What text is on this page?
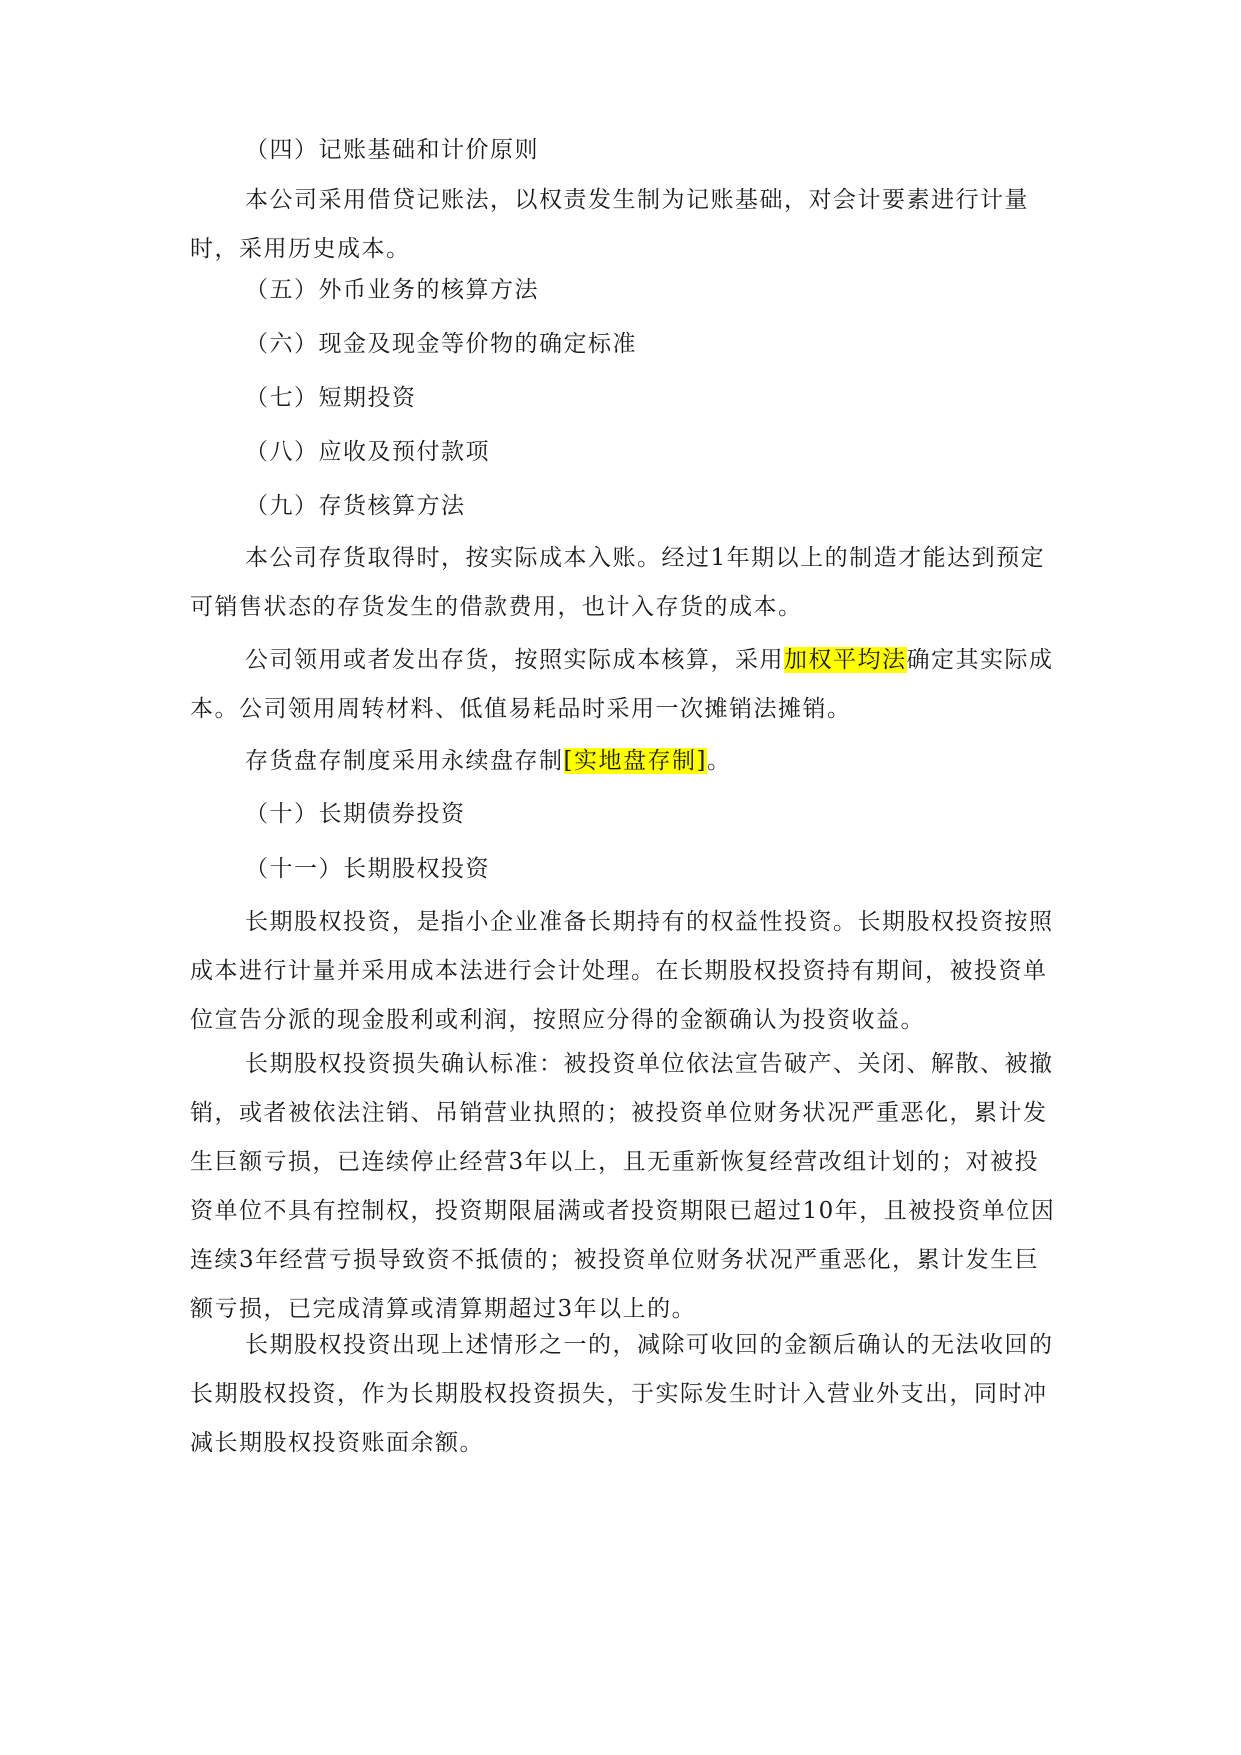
（四）记账基础和计价原则

本公司采用借贷记账法，以权责发生制为记账基础，对会计要素进行计量
时，采用历史成本。

（五）外币业务的核算方法

（六）现金及现金等价物的确定标准

（七）短期投资

（八）应收及预付款项

（九）存货核算方法

本公司存货取得时，按实际成本入账。经过1年期以上的制造才能达到预定
可销售状态的存货发生的借款费用，也计入存货的成本。

公司领用或者发出存货，按照实际成本核算，采用加权平均法确定其实际成
本。公司领用周转材料、低值易耗品时采用一次摊销法摊销。

存货盘存制度采用永续盘存制[实地盘存制]。

（十）长期债券投资

（十一）长期股权投资

长期股权投资，是指小企业准备长期持有的权益性投资。长期股权投资按照
成本进行计量并采用成本法进行会计处理。在长期股权投资持有期间，被投资单
位宣告分派的现金股利或利润，按照应分得的金额确认为投资收益。

长期股权投资损失确认标准：被投资单位依法宣告破产、关闭、解散、被撤
销，或者被依法注销、吊销营业执照的；被投资单位财务状况严重恶化，累计发
生巨额亏损，已连续停止经营3年以上，且无重新恢复经营改组计划的；对被投
资单位不具有控制权，投资期限届满或者投资期限已超过10年，且被投资单位因
连续3年经营亏损导致资不抵债的；被投资单位财务状况严重恶化，累计发生巨
额亏损，已完成清算或清算期超过3年以上的。

长期股权投资出现上述情形之一的，减除可收回的金额后确认的无法收回的
长期股权投资，作为长期股权投资损失，于实际发生时计入营业外支出，同时冲
减长期股权投资账面余额。
